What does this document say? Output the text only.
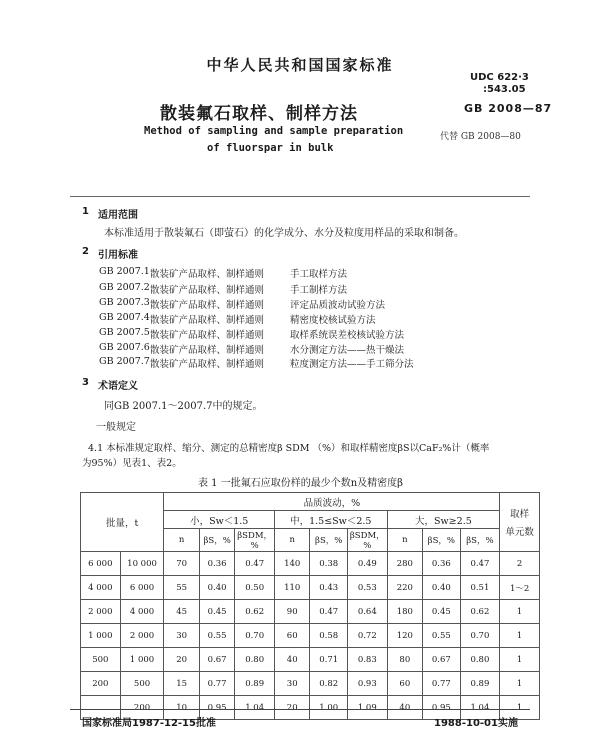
中华人民共和国国家标准
UDC 622·3
:543.05
散装氟石取样、制样方法	GB 2008—87
Method of sampling and sample preparation
of fluorspar in bulk
代替 GB 2008—80
1 适用范围
本标准适用于散装氟石（即萤石）的化学成分、水分及粒度用样品的采取和制备。
2 引用标准
GB 2007.1 散装矿产品取样、制样通则	手工取样方法
GB 2007.2 散装矿产品取样、制样通则	手工制样方法
GB 2007.3 散装矿产品取样、制样通则	评定品质波动试验方法
GB 2007.4 散装矿产品取样、制样通则	精密度校核试验方法
GB 2007.5 散装矿产品取样、制样通则	取样系统误差校核试验方法
GB 2007.6 散装矿产品取样、制样通则	水分测定方法——热干燥法
GB 2007.7 散装矿产品取样、制样通则	粒度测定方法——手工筛分法
3 术语定义
同GB 2007.1～2007.7中的规定。
一般规定
4.1 本标准规定取样、缩分、测定的总精密度β SDM （%）和取样精密度βS以CaF₂%计（概率
为95%）见表1、表2。
表 1 一批氟石应取份样的最少个数n及精密度β
批量，t		品质波动，%									取样
单元数

		小，Sw＜1.5			中，1.5≤Sw＜2.5			大，Sw≥2.5			
		n	βS，%	βSDM，%	n	βS，%	βSDM，%	n	βS，%	βS，%	
6 000	10 000	70	0.36	0.47	140	0.38	0.49	280	0.36	0.47	2
4 000	6 000	55	0.40	0.50	110	0.43	0.53	220	0.40	0.51	1～2
2 000	4 000	45	0.45	0.62	90	0.47	0.64	180	0.45	0.62	1
1 000	2 000	30	0.55	0.70	60	0.58	0.72	120	0.55	0.70	1
500	1 000	20	0.67	0.80	40	0.71	0.83	80	0.67	0.80	1
200	500	15	0.77	0.89	30	0.82	0.93	60	0.77	0.89	1
	200	10	0.95	1.04	20	1.00	1.09	40	0.95	1.04	1
国家标准局1987-12-15批准	1988-10-01实施
